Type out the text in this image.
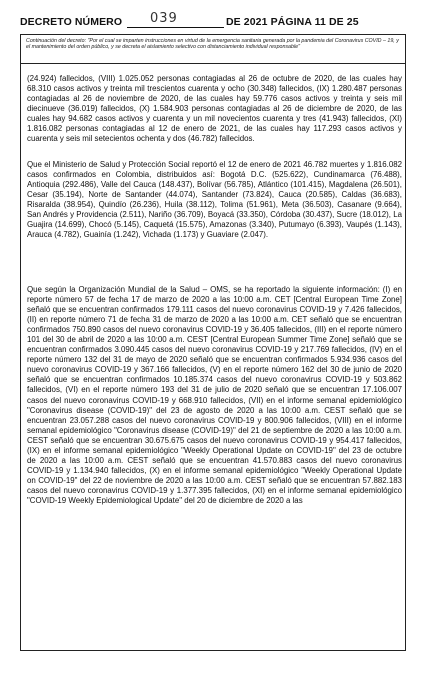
DECRETO NÚMERO 039	DE 2021 PÁGINA 11 DE 25
Continuación del decreto: "Por el cual se imparten instrucciones en virtud de la emergencia sanitaria generada por la pandemia del Coronavirus COVID – 19, y el mantenimiento del orden público, y se decreta el aislamiento selectivo con distanciamiento individual responsable"

(24.924) fallecidos, (VIII) 1.025.052 personas contagiadas al 26 de octubre de 2020, de las cuales hay 68.310 casos activos y treinta mil trescientos cuarenta y ocho (30.348) fallecidos, (IX) 1.280.487 personas contagiadas al 26 de noviembre de 2020, de las cuales hay 59.776 casos activos y treinta y seis mil diecinueve (36.019) fallecidos, (X) 1.584.903 personas contagiadas al 26 de diciembre de 2020, de las cuales hay 94.682 casos activos y cuarenta y un mil novecientos cuarenta y tres (41.943) fallecidos, (XI) 1.816.082 personas contagiadas al 12 de enero de 2021, de las cuales hay 117.293 casos activos y cuarenta y seis mil setecientos ochenta y dos (46.782) fallecidos.

Que el Ministerio de Salud y Protección Social reportó el 12 de enero de 2021 46.782 muertes y 1.816.082 casos confirmados en Colombia, distribuidos así: Bogotá D.C. (525.622), Cundinamarca (76.488), Antioquia (292.486), Valle del Cauca (148.437), Bolívar (56.785), Atlántico (101.415), Magdalena (26.501), Cesar (35.194), Norte de Santander (44.074), Santander (73.824), Cauca (20.585), Caldas (36.683), Risaralda (38.954), Quindío (26.236), Huila (38.112), Tolima (51.961), Meta (36.503), Casanare (9.664), San Andrés y Providencia (2.511), Nariño (36.709), Boyacá (33.350), Córdoba (30.437), Sucre (18.012), La Guajira (14.699), Chocó (5.145), Caquetá (15.575), Amazonas (3.340), Putumayo (6.393), Vaupés (1.143), Arauca (4.782), Guainía (1.242), Vichada (1.173) y Guaviare (2.047).

Que según la Organización Mundial de la Salud – OMS, se ha reportado la siguiente información: (I) en reporte número 57 de fecha 17 de marzo de 2020 a las 10:00 a.m. CET [Central European Time Zone] señaló que se encuentran confirmados 179.111 casos del nuevo coronavirus COVID-19 y 7.426 fallecidos, (II) en reporte número 71 de fecha 31 de marzo de 2020 a las 10:00 a.m. CET señaló que se encuentran confirmados 750.890 casos del nuevo coronavirus COVID-19 y 36.405 fallecidos, (III) en el reporte número 101 del 30 de abril de 2020 a las 10:00 a.m. CEST [Central European Summer Time Zone] señaló que se encuentran confirmados 3.090.445 casos del nuevo coronavirus COVID-19 y 217.769 fallecidos, (IV) en el reporte número 132 del 31 de mayo de 2020 señaló que se encuentran confirmados 5.934.936 casos del nuevo coronavirus COVID-19 y 367.166 fallecidos, (V) en el reporte número 162 del 30 de junio de 2020 señaló que se encuentran confirmados 10.185.374 casos del nuevo coronavirus COVID-19 y 503.862 fallecidos, (VI) en el reporte número 193 del 31 de julio de 2020 señaló que se encuentran 17.106.007 casos del nuevo coronavirus COVID-19 y 668.910 fallecidos, (VII) en el informe semanal epidemiológico "Coronavirus disease (COVID-19)" del 23 de agosto de 2020 a las 10:00 a.m. CEST señaló que se encuentran 23.057.288 casos del nuevo coronavirus COVID-19 y 800.906 fallecidos, (VIII) en el informe semanal epidemiológico "Coronavirus disease (COVID-19)" del 21 de septiembre de 2020 a las 10:00 a.m. CEST señaló que se encuentran 30.675.675 casos del nuevo coronavirus COVID-19 y 954.417 fallecidos, (IX) en el informe semanal epidemiológico "Weekly Operational Update on COVID-19" del 23 de octubre de 2020 a las 10:00 a.m. CEST señaló que se encuentran 41.570.883 casos del nuevo coronavirus COVID-19 y 1.134.940 fallecidos, (X) en el informe semanal epidemiológico "Weekly Operational Update on COVID-19" del 22 de noviembre de 2020 a las 10:00 a.m. CEST señaló que se encuentran 57.882.183 casos del nuevo coronavirus COVID-19 y 1.377.395 fallecidos, (XI) en el informe semanal epidemiológico "COVID-19 Weekly Epidemiological Update" del 20 de diciembre de 2020 a las
